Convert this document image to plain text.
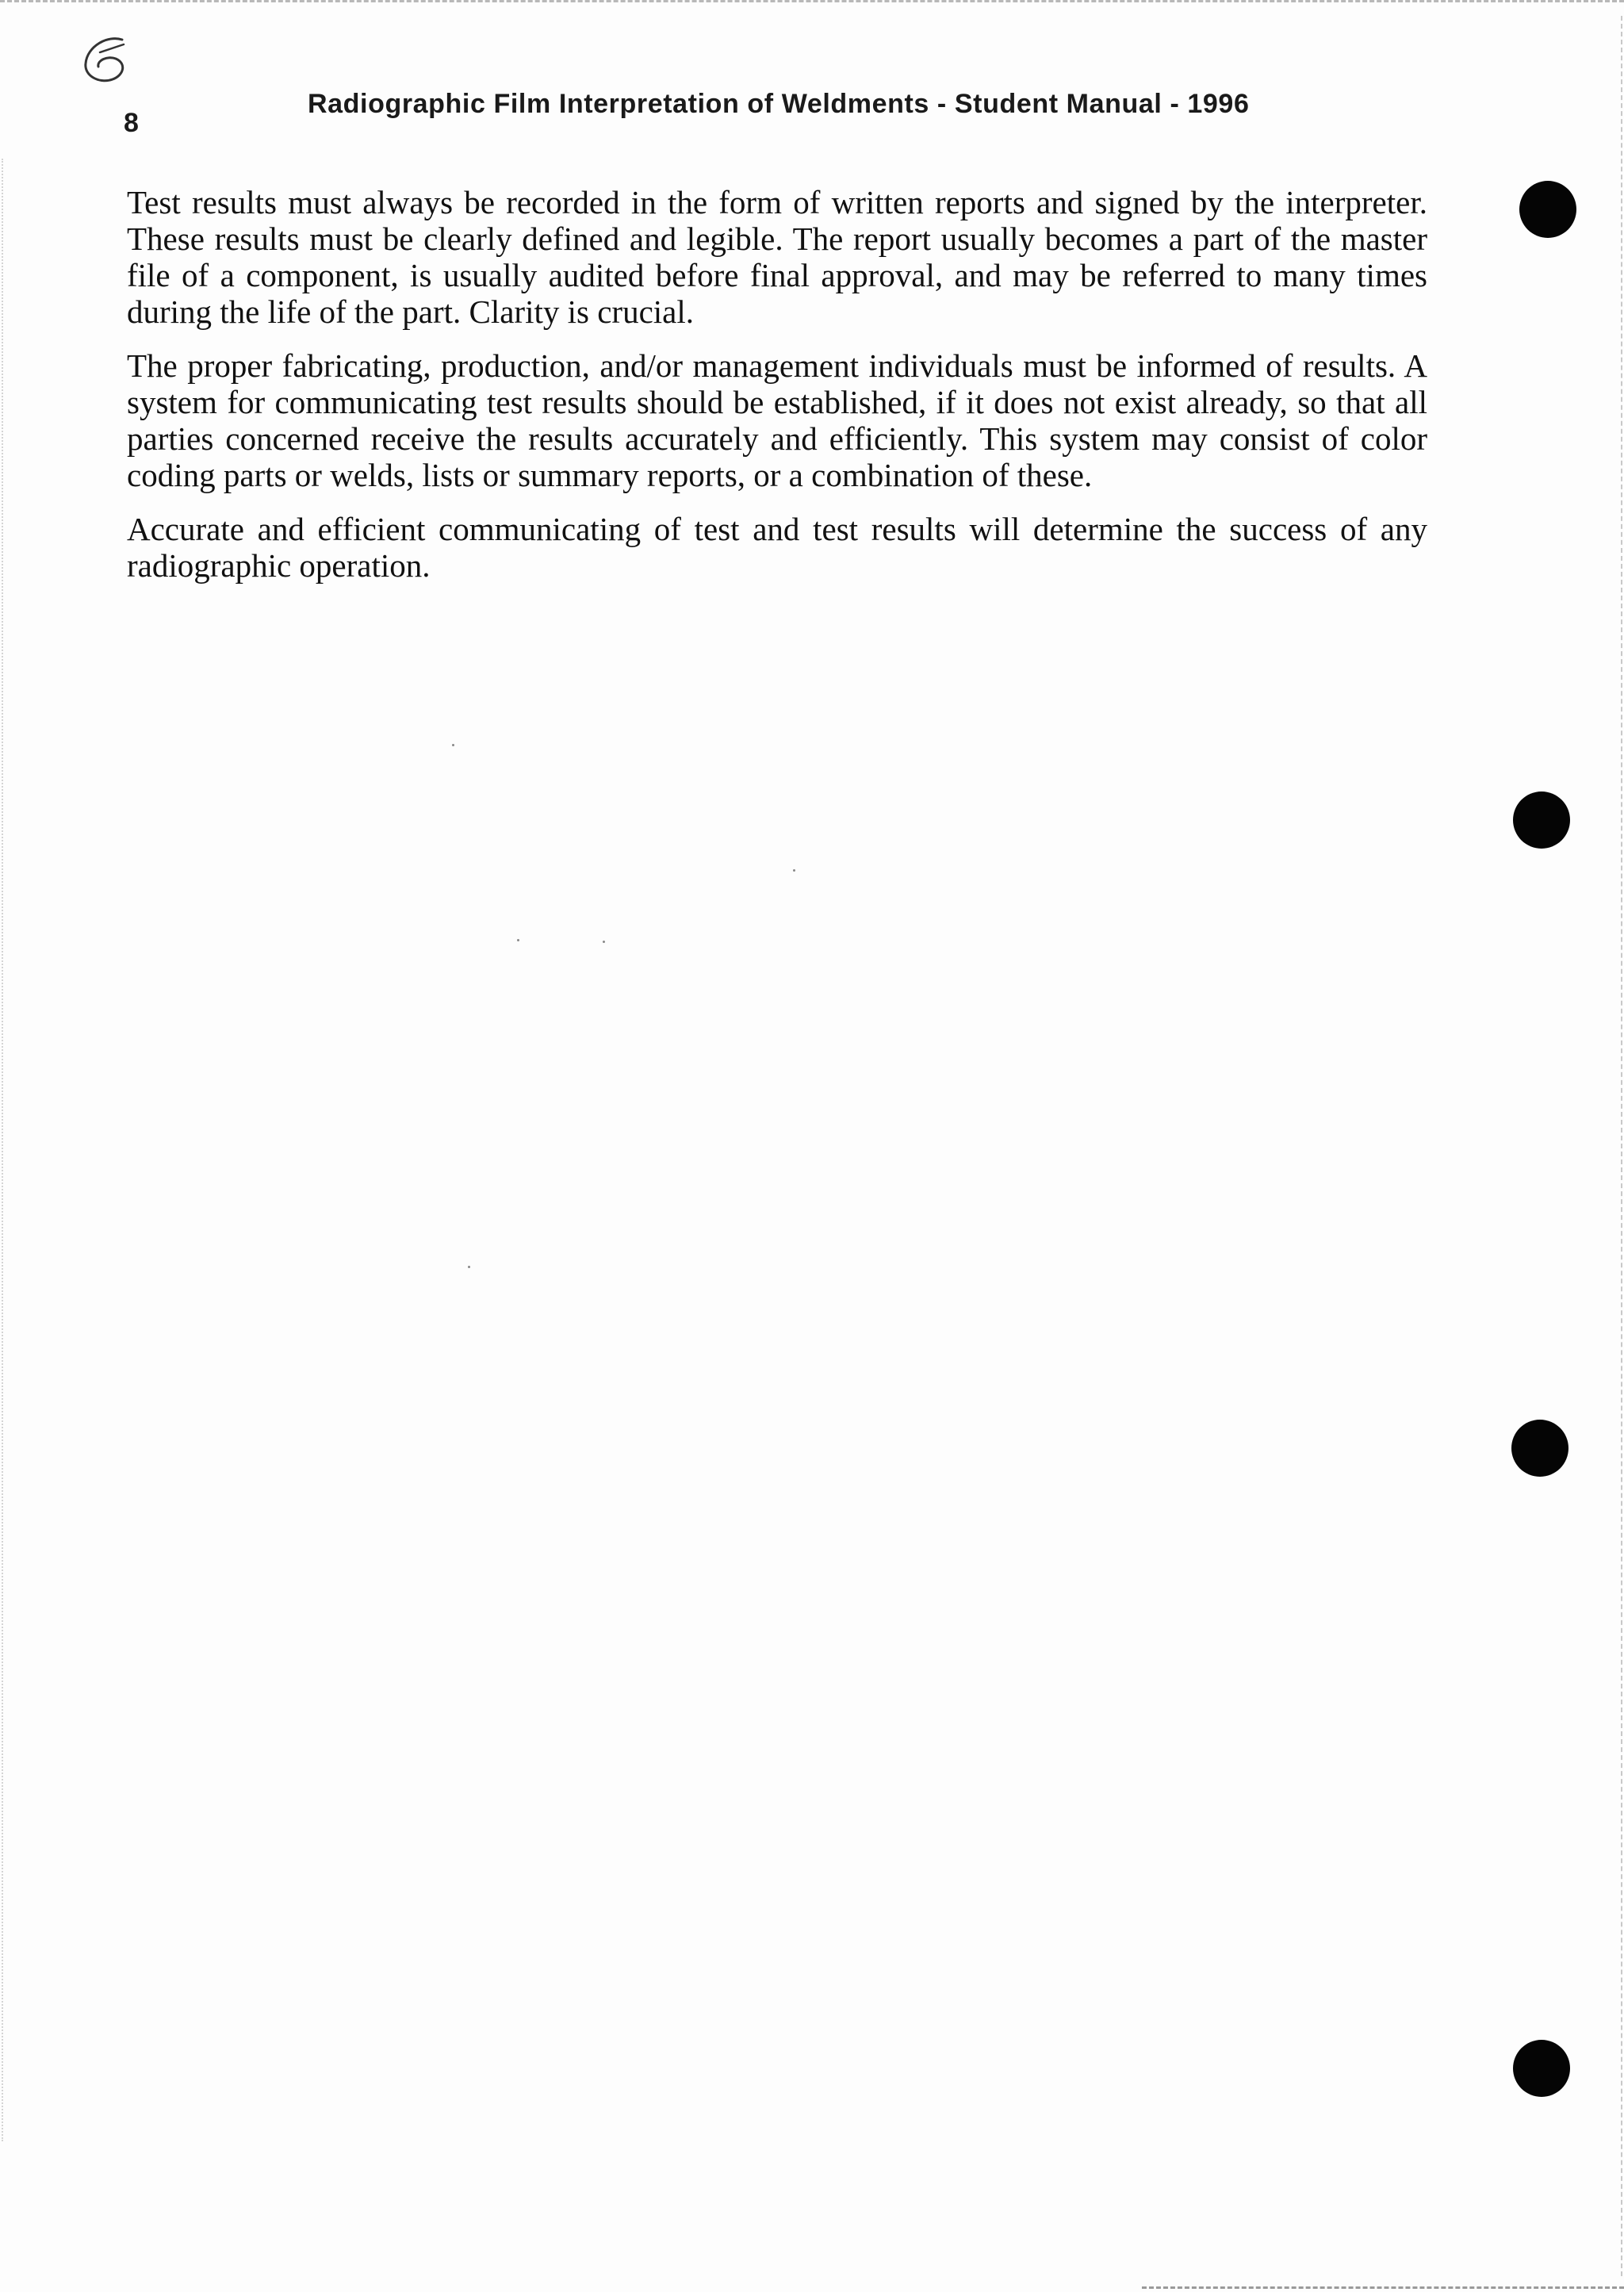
8
Radiographic Film Interpretation of Weldments - Student Manual - 1996

Test results must always be recorded in the form of written reports and signed by the interpreter. These results must be clearly defined and legible. The report usually becomes a part of the master file of a component, is usually audited before final approval, and may be referred to many times during the life of the part. Clarity is crucial.

The proper fabricating, production, and/or management individuals must be informed of results. A system for communicating test results should be established, if it does not exist already, so that all parties concerned receive the results accurately and efficiently. This system may consist of color coding parts or welds, lists or summary reports, or a combination of these.

Accurate and efficient communicating of test and test results will determine the success of any radiographic operation.
